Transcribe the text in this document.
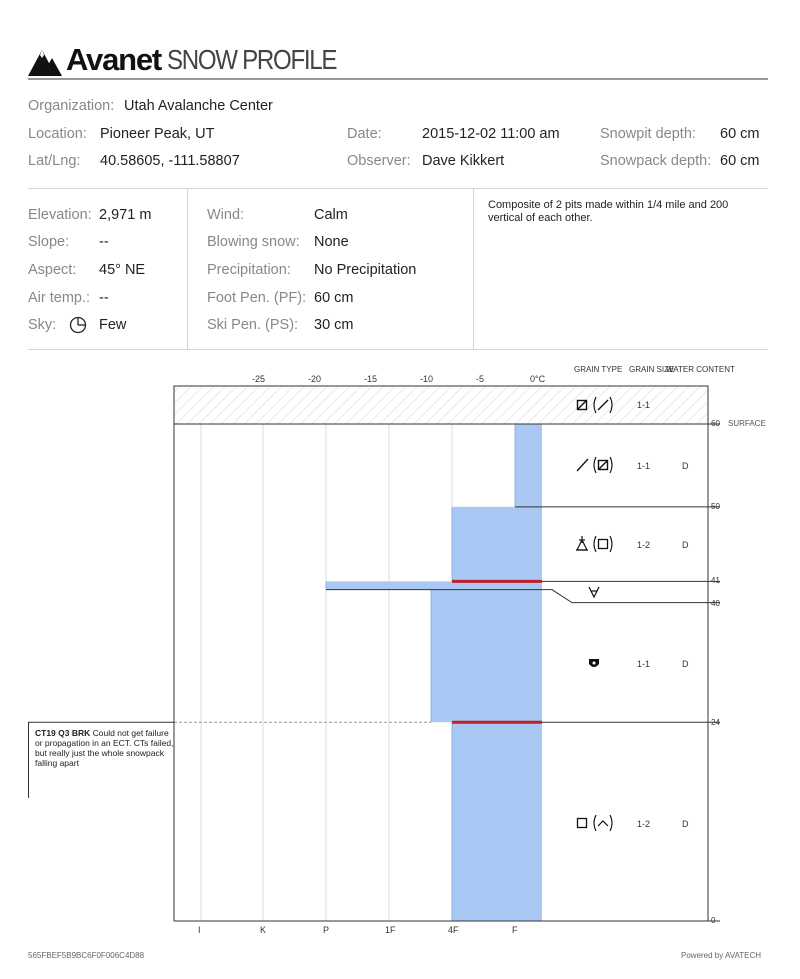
Avanet SNOW PROFILE
Organization: Utah Avalanche Center
Location: Pioneer Peak, UT	Date:	2015-12-02 11:00 am	Snowpit depth: 60 cm
Lat/Lng: 40.58605, -111.58807	Observer: Dave Kikkert	Snowpack depth: 60 cm
Elevation: 2,971 m
Slope: --
Aspect: 45° NE
Air temp.: --
Sky:	Few
Wind:	Calm
Blowing snow: None
Precipitation: No Precipitation
Foot Pen. (PF): 60 cm
Ski Pen. (PS): 30 cm
Composite of 2 pits made within 1/4 mile and 200 vertical of each other.
GRAIN TYPE GRAIN SIZE
WATER CONTENT
-25	-20	-15	-10	-5	0°C
1-1
1-1	D
1-2	D
1-1	D
1-2	D
60 SURFACE
50
41
40
24
0
I	K	P	1F	4F	F
CT19 Q3 BRK Could not get failure or propagation in an ECT. CTs failed, but really just the whole snowpack falling apart
565FBEF5B9BC6F0F006C4D88	Powered by AVATECH
